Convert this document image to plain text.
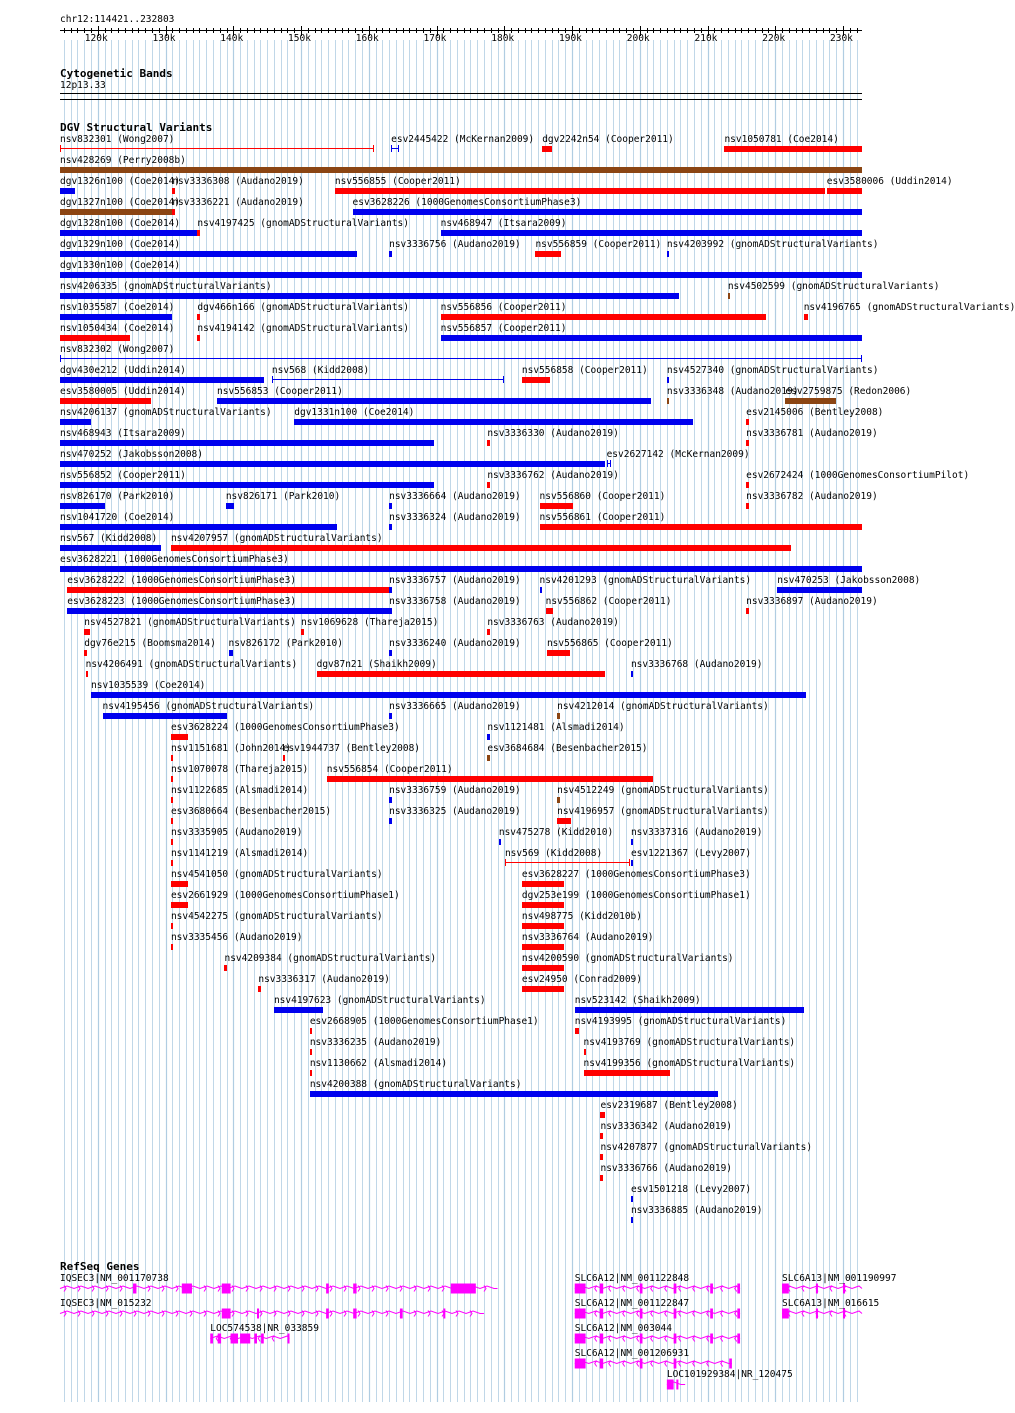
chr12:114421..232803
120k	130k	140k	150k	160k	170k	180k	190k	200k	210k	220k	230k
Cytogenetic Bands
12p13.33
DGV Structural Variants
nsv832301 (Wong2007)	esv2445422 (McKernan2009) dgv2242n54 (Cooper2011)	nsv1050781 (Coe2014)
nsv428269 (Perry2008b)
dgv1326n100 (Coe2014)
nsv3336308 (Audano2019)	nsv556855 (Cooper2011)	esv3580006 (Uddin2014)
dgv1327n100 (Coe2014)
nsv3336221 (Audano2019)	esv3628226 (1000GenomesConsortiumPhase3)
dgv1328n100 (Coe2014) nsv4197425 (gnomADStructuralVariants)	nsv468947 (Itsara2009)
dgv1329n100 (Coe2014)	nsv3336756 (Audano2019) nsv556859 (Cooper2011) nsv4203992 (gnomADStructuralVariants)
dgv1330n100 (Coe2014)
nsv4206335 (gnomADStructuralVariants)	nsv4502599 (gnomADStructuralVariants)
nsv1035587 (Coe2014) dgv466n166 (gnomADStructuralVariants)	nsv556856 (Cooper2011)	nsv4196765 (gnomADStructuralVariants)
nsv1050434 (Coe2014) nsv4194142 (gnomADStructuralVariants)	nsv556857 (Cooper2011)
nsv832302 (Wong2007)
dgv430e212 (Uddin2014)	nsv568 (Kidd2008)	nsv556858 (Cooper2011) nsv4527340 (gnomADStructuralVariants)
esv3580005 (Uddin2014)	nsv556853 (Cooper2011)	nsv3336348 (Audano2019)
esv2759875 (Redon2006)
nsv4206137 (gnomADStructuralVariants) dgv1331n100 (Coe2014)	esv2145006 (Bentley2008)
nsv468943 (Itsara2009)	nsv3336330 (Audano2019)	nsv3336781 (Audano2019)
nsv470252 (Jakobsson2008)	esv2627142 (McKernan2009)
nsv556852 (Cooper2011)	nsv3336762 (Audano2019)	esv2672424 (1000GenomesConsortiumPilot)
nsv826170 (Park2010)	nsv826171 (Park2010)	nsv3336664 (Audano2019) nsv556860 (Cooper2011)	nsv3336782 (Audano2019)
nsv1041720 (Coe2014)	nsv3336324 (Audano2019) nsv556861 (Cooper2011)
nsv567 (Kidd2008) nsv4207957 (gnomADStructuralVariants)
esv3628221 (1000GenomesConsortiumPhase3)
esv3628222 (1000GenomesConsortiumPhase3)	nsv3336757 (Audano2019) nsv4201293 (gnomADStructuralVariants)	nsv470253 (Jakobsson2008)
esv3628223 (1000GenomesConsortiumPhase3)	nsv3336758 (Audano2019)	nsv556862 (Cooper2011)	nsv3336897 (Audano2019)
nsv4527821 (gnomADStructuralVariants) nsv1069628 (Thareja2015)	nsv3336763 (Audano2019)
dgv76e215 (Boomsma2014) nsv826172 (Park2010)	nsv3336240 (Audano2019)	nsv556865 (Cooper2011)
nsv4206491 (gnomADStructuralVariants) dgv87n21 (Shaikh2009)	nsv3336768 (Audano2019)
nsv1035539 (Coe2014)
nsv4195456 (gnomADStructuralVariants)	nsv3336665 (Audano2019)	nsv4212014 (gnomADStructuralVariants)
esv3628224 (1000GenomesConsortiumPhase3)	nsv1121481 (Alsmadi2014)
nsv1151681 (John2014)
esv1944737 (Bentley2008)	esv3684684 (Besenbacher2015)
nsv1070078 (Thareja2015) nsv556854 (Cooper2011)
nsv1122685 (Alsmadi2014)	nsv3336759 (Audano2019)	nsv4512249 (gnomADStructuralVariants)
esv3680664 (Besenbacher2015)	nsv3336325 (Audano2019)	nsv4196957 (gnomADStructuralVariants)
nsv3335905 (Audano2019)	nsv475278 (Kidd2010) nsv3337316 (Audano2019)
nsv1141219 (Alsmadi2014)	nsv569 (Kidd2008)	esv1221367 (Levy2007)
nsv4541050 (gnomADStructuralVariants)	esv3628227 (1000GenomesConsortiumPhase3)
esv2661929 (1000GenomesConsortiumPhase1)	dgv253e199 (1000GenomesConsortiumPhase1)
nsv4542275 (gnomADStructuralVariants)	nsv498775 (Kidd2010b)
nsv3335456 (Audano2019)	nsv3336764 (Audano2019)
nsv4209384 (gnomADStructuralVariants)	nsv4200590 (gnomADStructuralVariants)
nsv3336317 (Audano2019)	esv24950 (Conrad2009)
nsv4197623 (gnomADStructuralVariants)	nsv523142 (Shaikh2009)
esv2668905 (1000GenomesConsortiumPhase1)	nsv4193995 (gnomADStructuralVariants)
nsv3336235 (Audano2019)	nsv4193769 (gnomADStructuralVariants)
nsv1130662 (Alsmadi2014)	nsv4199356 (gnomADStructuralVariants)
nsv4200388 (gnomADStructuralVariants)
esv2319687 (Bentley2008)
nsv3336342 (Audano2019)
nsv4207877 (gnomADStructuralVariants)
nsv3336766 (Audano2019)
esv1501218 (Levy2007)
nsv3336885 (Audano2019)
RefSeq Genes
IQSEC3|NM_001170738	SLC6A12|NM_001122848	SLC6A13|NM_001190997
IQSEC3|NM_015232	SLC6A12|NM_001122847	SLC6A13|NM_016615
LOC574538|NR_033859	SLC6A12|NM_003044
SLC6A12|NM_001206931
LOC101929384|NR_120475
